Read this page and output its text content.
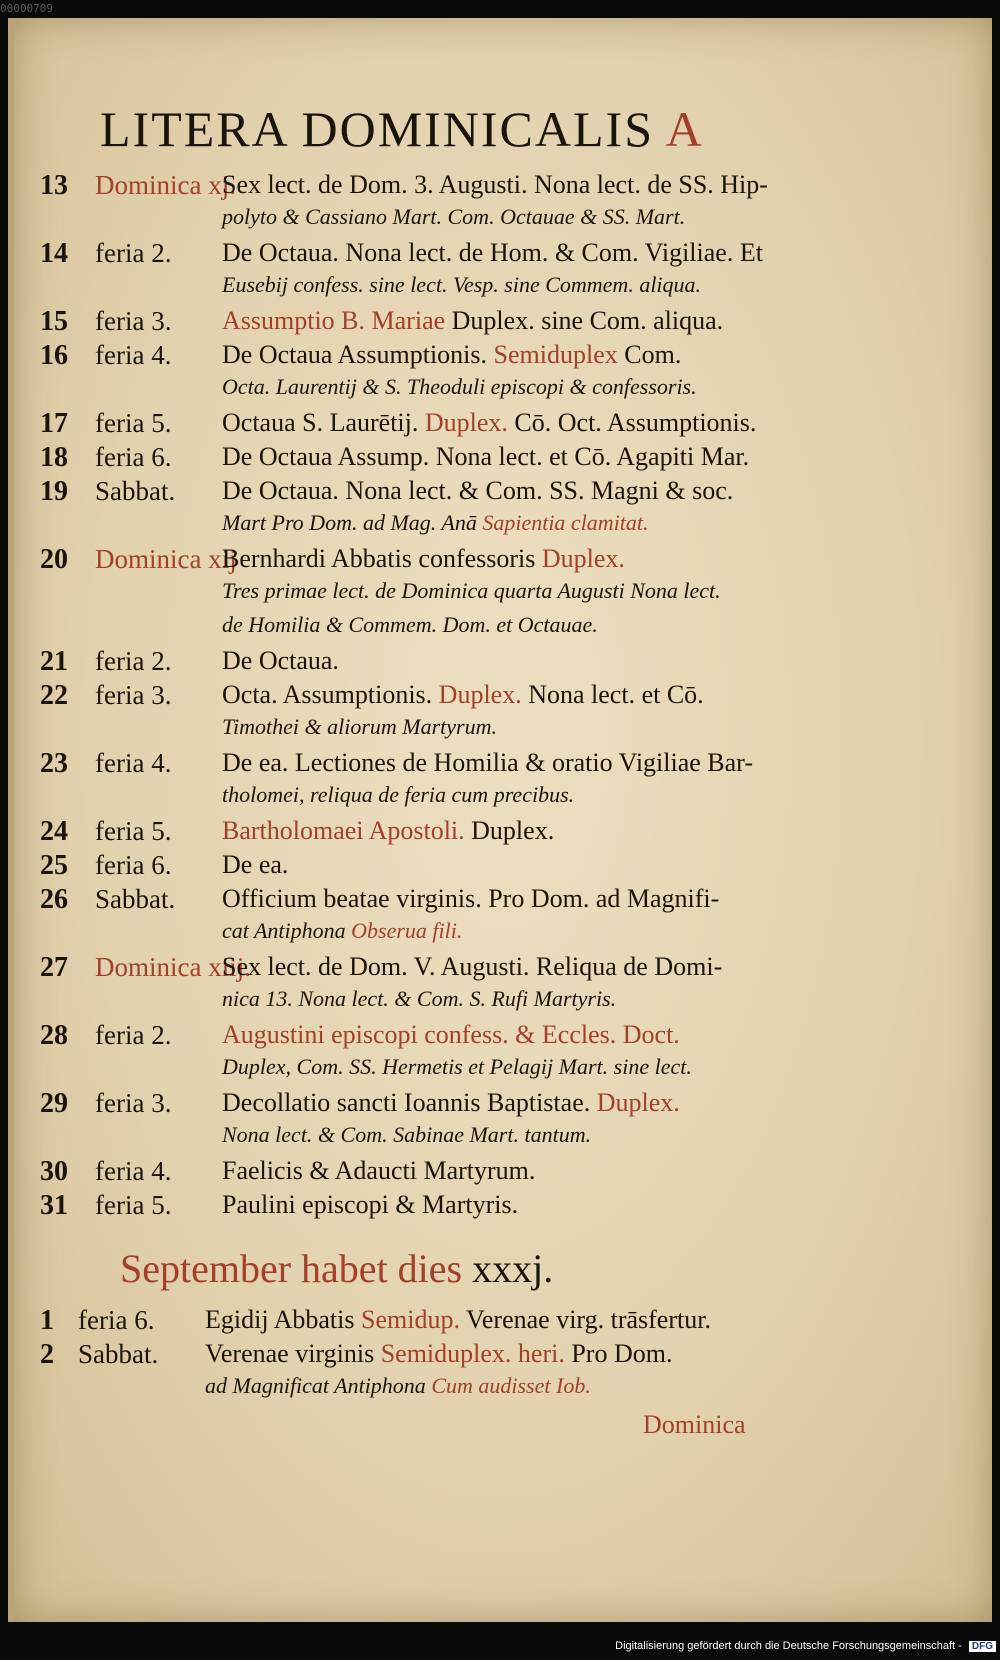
00000709
LITERA DOMINICALIS A
13 Dominica xj.
Sex lect. de Dom. 3. Augusti. Nona lect. de SS. Hip-
polyto & Cassiano Mart. Com. Octauae & SS. Mart.
14 feria 2. De Octaua. Nona lect. de Hom. & Com. Vigiliae. Et
Eusebij confess. sine lect. Vesp. sine Commem. aliqua.
15 feria 3. Assumptio B. Mariae Duplex. sine Com. aliqua.
16 feria 4. De Octaua Assumptionis. Semiduplex Com.
Octa. Laurentij & S. Theoduli episcopi & confessoris.
17 feria 5. Octaua S. Laurētij. Duplex. Cō. Oct. Assumptionis.
18 feria 6. De Octaua Assump. Nona lect. et Cō. Agapiti Mar.
19 Sabbat. De Octaua. Nona lect. & Com. SS. Magni & soc.
Mart Pro Dom. ad Mag. Anā Sapientia clamitat.
20 Dominica xij
Bernhardi Abbatis confessoris Duplex.
Tres primae lect. de Dominica quarta Augusti Nona lect.
de Homilia & Commem. Dom. et Octauae.
21 feria 2. De Octaua.
22 feria 3. Octa. Assumptionis. Duplex. Nona lect. et Cō.
Timothei & aliorum Martyrum.
23 feria 4. De ea. Lectiones de Homilia & oratio Vigiliae Bar-
tholomei, reliqua de feria cum precibus.
24 feria 5. Bartholomaei Apostoli. Duplex.
25 feria 6. De ea.
26 Sabbat. Officium beatae virginis. Pro Dom. ad Magnifi-
cat Antiphona Obserua fili.
27 Dominica xiij.
Sex lect. de Dom. V. Augusti. Reliqua de Domi-
nica 13. Nona lect. & Com. S. Rufi Martyris.
28 feria 2. Augustini episcopi confess. & Eccles. Doct.
Duplex, Com. SS. Hermetis et Pelagij Mart. sine lect.
29 feria 3. Decollatio sancti Ioannis Baptistae. Duplex.
Nona lect. & Com. Sabinae Mart. tantum.
30 feria 4. Faelicis & Adaucti Martyrum.
31 feria 5. Paulini episcopi & Martyris.
September habet dies xxxj.
1 feria 6. Egidij Abbatis Semidup. Verenae virg. trāsfertur.
2 Sabbat. Verenae virginis Semiduplex. heri. Pro Dom.
ad Magnificat Antiphona Cum audisset Iob.
Dominica
Digitalisierung gefördert durch die Deutsche Forschungsgemeinschaft - DFG
